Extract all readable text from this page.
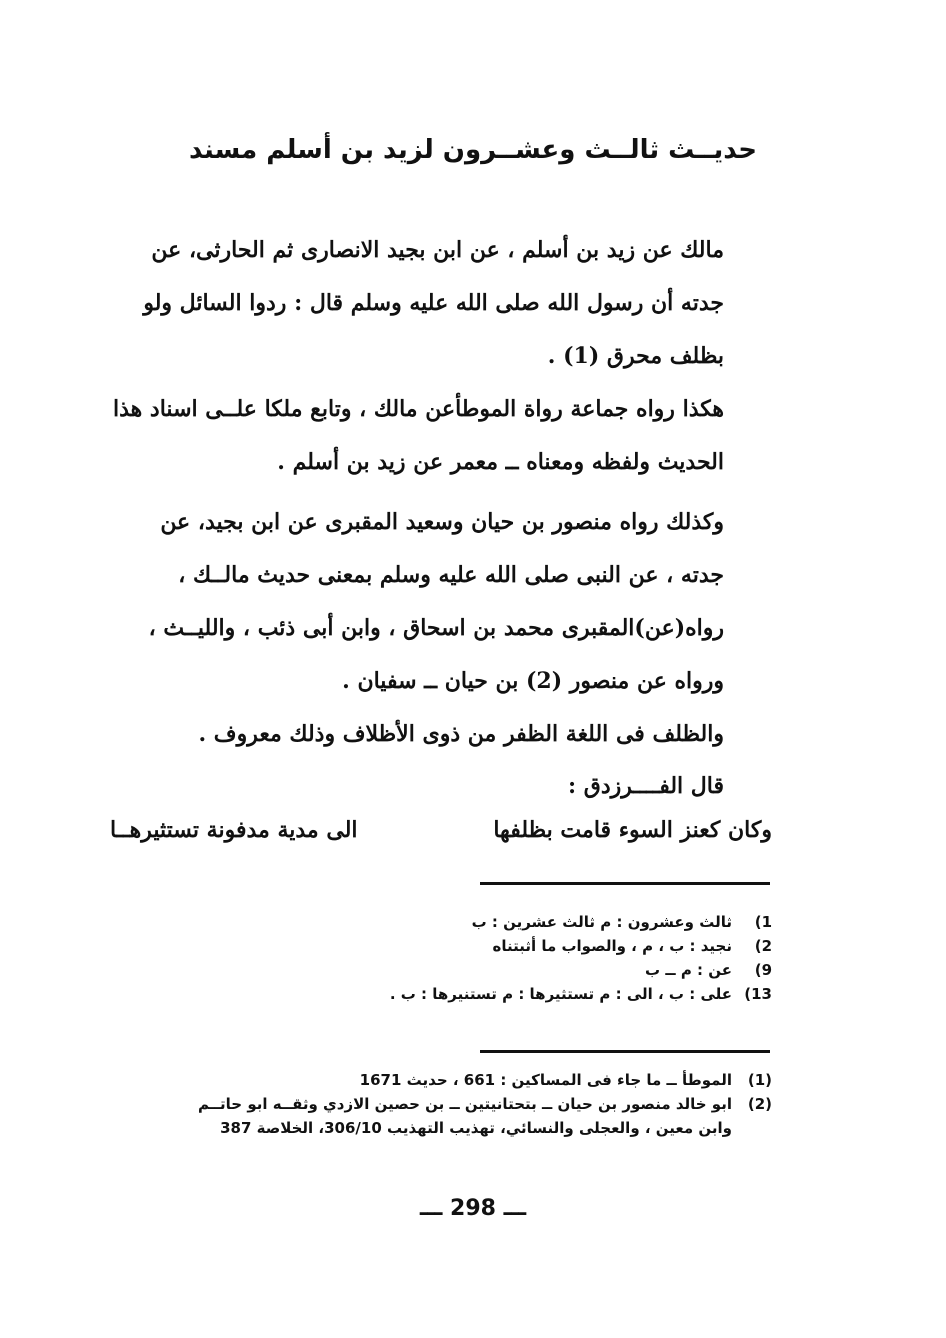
حديــث ثالــث وعشــرون لزيد بن أسلم مسند

مالك عن زيد بن أسلم ، عن ابن بجيد الانصارى ثم الحارثى، عن جدته أن رسول الله صلى الله عليه وسلم قال : ردوا السائل ولو بظلف محرق (1) .

هكذا رواه جماعة رواة الموطأعن مالك ، وتابع ملكا علــى اسناد هذا الحديث ولفظه ومعناه ــ معمر عن زيد بن أسلم .

وكذلك رواه منصور بن حيان وسعيد المقبرى عن ابن بجيد، عن جدته ، عن النبى صلى الله عليه وسلم بمعنى حديث مالــك ، رواه(عن)المقبرى محمد بن اسحاق ، وابن أبى ذئب ، والليــث ، ورواه عن منصور (2) بن حيان ــ سفيان .

والظلف فى اللغة الظفر من ذوى الأظلاف وذلك معروف .

قال الفــــرزدق :

وكان كعنز السوء قامت بظلفها
الى مدية مدفونة تستثيرهــا
1)
ثالث وعشرون : م ثالث عشرين : ب
2)
نجيد : ب ، م ، والصواب ما أثبتناه
9)
عن : م ــ ب
13)
على : ب ، الى : م تستثيرها : م تستنيرها : ب .
(1)
الموطأ ــ ما جاء فى المساكين : 661 ، حديث 1671
(2)
ابو خالد منصور بن حيان ــ بتحتانيتين ــ بن حصين الازدي وثقــه ابو حاتــم وابن معين ، والعجلى والنسائي، تهذيب التهذيب 306/10، الخلاصة 387
ـــ 298 ـــ
